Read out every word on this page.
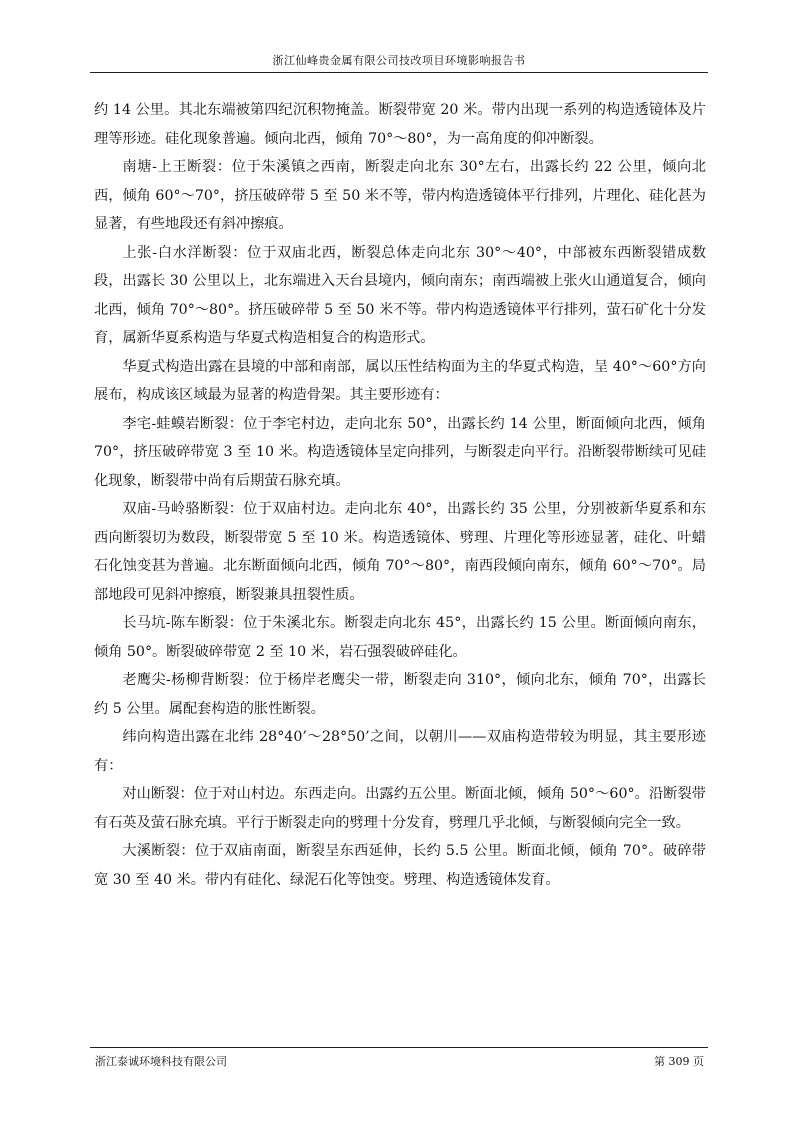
浙江仙峰贵金属有限公司技改项目环境影响报告书

约 14 公里。其北东端被第四纪沉积物掩盖。断裂带宽 20 米。带内出现一系列的构造透镜体及片理等形迹。硅化现象普遍。倾向北西，倾角 70°～80°，为一高角度的仰冲断裂。

南塘-上王断裂：位于朱溪镇之西南，断裂走向北东 30°左右，出露长约 22 公里，倾向北西，倾角 60°～70°，挤压破碎带 5 至 50 米不等，带内构造透镜体平行排列，片理化、硅化甚为显著，有些地段还有斜冲擦痕。

上张-白水洋断裂：位于双庙北西，断裂总体走向北东 30°～40°，中部被东西断裂错成数段，出露长 30 公里以上，北东端进入天台县境内，倾向南东；南西端被上张火山通道复合，倾向北西，倾角 70°～80°。挤压破碎带 5 至 50 米不等。带内构造透镜体平行排列，萤石矿化十分发育，属新华夏系构造与华夏式构造相复合的构造形式。

华夏式构造出露在县境的中部和南部，属以压性结构面为主的华夏式构造，呈 40°～60°方向展布，构成该区域最为显著的构造骨架。其主要形迹有：

李宅-蛙蟆岩断裂：位于李宅村边，走向北东 50°，出露长约 14 公里，断面倾向北西，倾角 70°，挤压破碎带宽 3 至 10 米。构造透镜体呈定向排列，与断裂走向平行。沿断裂带断续可见硅化现象，断裂带中尚有后期萤石脉充填。

双庙-马岭骆断裂：位于双庙村边。走向北东 40°，出露长约 35 公里，分别被新华夏系和东西向断裂切为数段，断裂带宽 5 至 10 米。构造透镜体、劈理、片理化等形迹显著，硅化、叶蜡石化蚀变甚为普遍。北东断面倾向北西，倾角 70°～80°，南西段倾向南东，倾角 60°～70°。局部地段可见斜冲擦痕，断裂兼具扭裂性质。

长马坑-陈车断裂：位于朱溪北东。断裂走向北东 45°，出露长约 15 公里。断面倾向南东，倾角 50°。断裂破碎带宽 2 至 10 米，岩石强裂破碎硅化。

老鹰尖-杨柳背断裂：位于杨岸老鹰尖一带，断裂走向 310°，倾向北东，倾角 70°，出露长约 5 公里。属配套构造的胀性断裂。

纬向构造出露在北纬 28°40’～28°50’之间，以朝川——双庙构造带较为明显，其主要形迹有：

对山断裂：位于对山村边。东西走向。出露约五公里。断面北倾，倾角 50°～60°。沿断裂带有石英及萤石脉充填。平行于断裂走向的劈理十分发育，劈理几乎北倾，与断裂倾向完全一致。

大溪断裂：位于双庙南面，断裂呈东西延伸，长约 5.5 公里。断面北倾，倾角 70°。破碎带宽 30 至 40 米。带内有硅化、绿泥石化等蚀变。劈理、构造透镜体发育。

浙江泰诚环境科技有限公司	第 309 页
